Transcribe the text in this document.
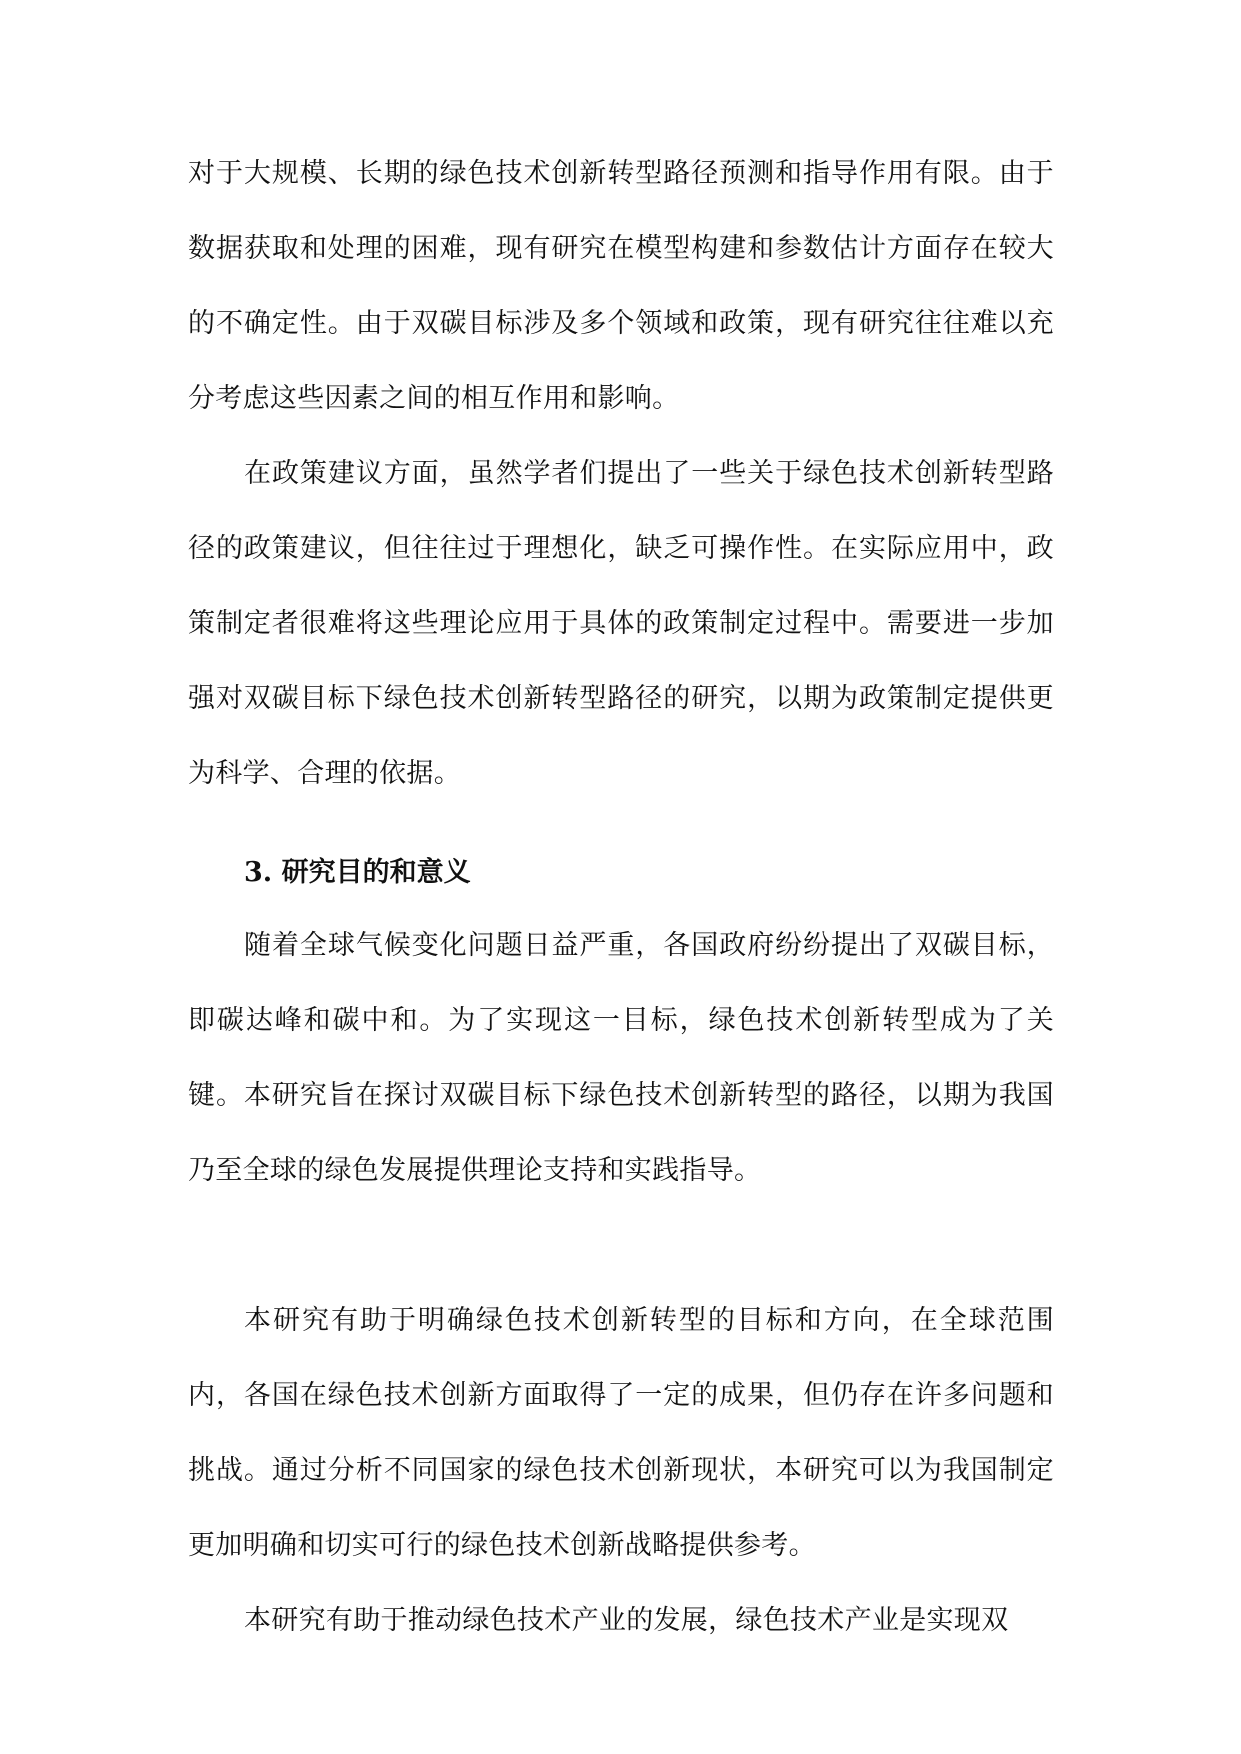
对于大规模、长期的绿色技术创新转型路径预测和指导作用有限。由于数据获取和处理的困难，现有研究在模型构建和参数估计方面存在较大的不确定性。由于双碳目标涉及多个领域和政策，现有研究往往难以充分考虑这些因素之间的相互作用和影响。

在政策建议方面，虽然学者们提出了一些关于绿色技术创新转型路径的政策建议，但往往过于理想化，缺乏可操作性。在实际应用中，政策制定者很难将这些理论应用于具体的政策制定过程中。需要进一步加强对双碳目标下绿色技术创新转型路径的研究，以期为政策制定提供更为科学、合理的依据。

3. 研究目的和意义

随着全球气候变化问题日益严重，各国政府纷纷提出了双碳目标，即碳达峰和碳中和。为了实现这一目标，绿色技术创新转型成为了关键。本研究旨在探讨双碳目标下绿色技术创新转型的路径，以期为我国乃至全球的绿色发展提供理论支持和实践指导。

本研究有助于明确绿色技术创新转型的目标和方向，在全球范围内，各国在绿色技术创新方面取得了一定的成果，但仍存在许多问题和挑战。通过分析不同国家的绿色技术创新现状，本研究可以为我国制定更加明确和切实可行的绿色技术创新战略提供参考。

本研究有助于推动绿色技术产业的发展，绿色技术产业是实现双
